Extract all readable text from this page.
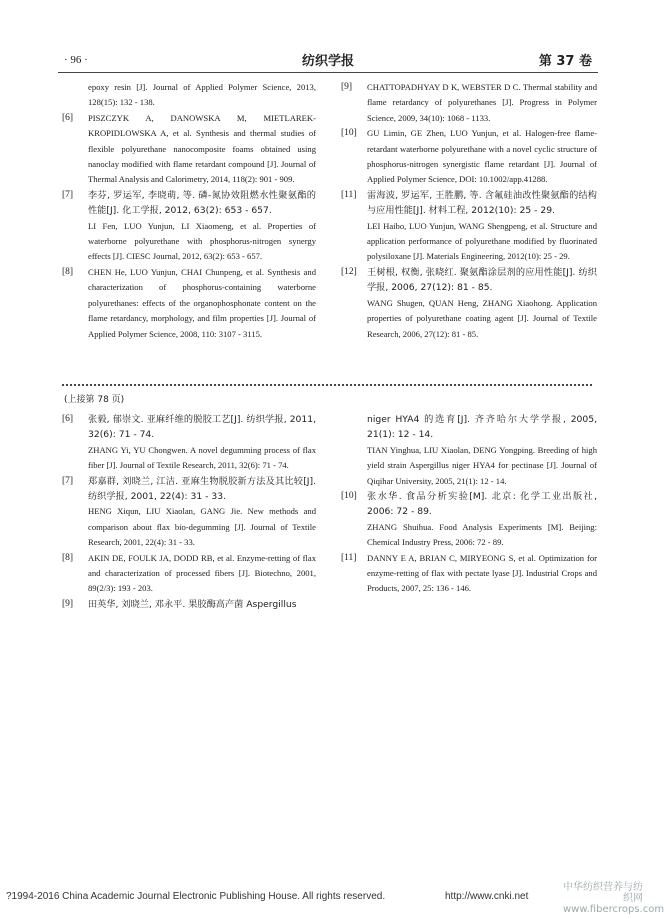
· 96 ·	纺织学报	第 37 卷

epoxy resin [J]. Journal of Applied Polymer Science, 2013, 128(15): 132 - 138.

[6] PISZCZYK A, DANOWSKA M, MIETLAREK-KROPIDLOWSKA A, et al. Synthesis and thermal studies of flexible polyurethane nanocomposite foams obtained using nanoclay modified with flame retardant compound [J]. Journal of Thermal Analysis and Calorimetry, 2014, 118(2): 901 - 909.

[7] 李芬, 罗运军, 李晓萌, 等. 磷-氮协效阻燃水性聚氨酯的性能[J]. 化工学报, 2012, 63(2): 653 - 657.

LI Fen, LUO Yunjun, LI Xiaomeng, et al. Properties of waterborne polyurethane with phosphorus-nitrogen synergy effects [J]. CIESC Journal, 2012, 63(2): 653 - 657.

[8] CHEN He, LUO Yunjun, CHAI Chunpeng, et al. Synthesis and characterization of phosphorus-containing waterborne polyurethanes: effects of the organophosphonate content on the flame retardancy, morphology, and film properties [J]. Journal of Applied Polymer Science, 2008, 110: 3107 - 3115.

[9] CHATTOPADHYAY D K, WEBSTER D C. Thermal stability and flame retardancy of polyurethanes [J]. Progress in Polymer Science, 2009, 34(10): 1068 - 1133.

[10] GU Limin, GE Zhen, LUO Yunjun, et al. Halogen-free flame-retardant waterborne polyurethane with a novel cyclic structure of phosphorus-nitrogen synergistic flame retardant [J]. Journal of Applied Polymer Science, DOI: 10.1002/app.41288.

[11] 雷海波, 罗运军, 王胜鹏, 等. 含氟硅油改性聚氨酯的结构与应用性能[J]. 材料工程, 2012(10): 25 - 29.

LEI Haibo, LUO Yunjun, WANG Shengpeng, et al. Structure and application performance of polyurethane modified by fluorinated polysiloxane [J]. Materials Engineering, 2012(10): 25 - 29.

[12] 王树根, 权衡, 张晓红. 聚氨酯涂层剂的应用性能[J]. 纺织学报, 2006, 27(12): 81 - 85.

WANG Shugen, QUAN Heng, ZHANG Xiaohong. Application properties of polyurethane coating agent [J]. Journal of Textile Research, 2006, 27(12): 81 - 85.

(上接第 78 页)

[6] 张毅, 郁崇文. 亚麻纤维的脱胶工艺[J]. 纺织学报, 2011, 32(6): 71 - 74.

ZHANG Yi, YU Chongwen. A novel degumming process of flax fiber [J]. Journal of Textile Research, 2011, 32(6): 71 - 74.

[7] 郑嘉群, 刘晓兰, 江洁. 亚麻生物脱胶新方法及其比较[J]. 纺织学报, 2001, 22(4): 31 - 33.

HENG Xiqun, LIU Xiaolan, GANG Jie. New methods and comparison about flax bio-degumming [J]. Journal of Textile Research, 2001, 22(4): 31 - 33.

[8] AKIN DE, FOULK JA, DODD RB, et al. Enzyme-retting of flax and characterization of processed fibers [J]. Biotechno, 2001, 89(2/3): 193 - 203.

[9] 田英华, 刘晓兰, 邓永平. 果胶酶高产菌 Aspergillus

niger HYA4 的选育[J]. 齐齐哈尔大学学报, 2005, 21(1): 12 - 14.

TIAN Yinghua, LIU Xiaolan, DENG Yongping. Breeding of high yield strain Aspergillus niger HYA4 for pectinase [J]. Journal of Qiqihar University, 2005, 21(1): 12 - 14.

[10] 张水华. 食品分析实验[M]. 北京: 化学工业出版社, 2006: 72 - 89.

ZHANG Shuihua. Food Analysis Experiments [M]. Beijing: Chemical Industry Press, 2006: 72 - 89.

[11] DANNY E A, BRIAN C, MIRYEONG S, et al. Optimization for enzyme-retting of flax with pectate lyase [J]. Industrial Crops and Products, 2007, 25: 136 - 146.

?1994-2016 China Academic Journal Electronic Publishing House. All rights reserved.	http://www.cnki.net
中华纺织营养与纺织网
www.fibercrops.com
